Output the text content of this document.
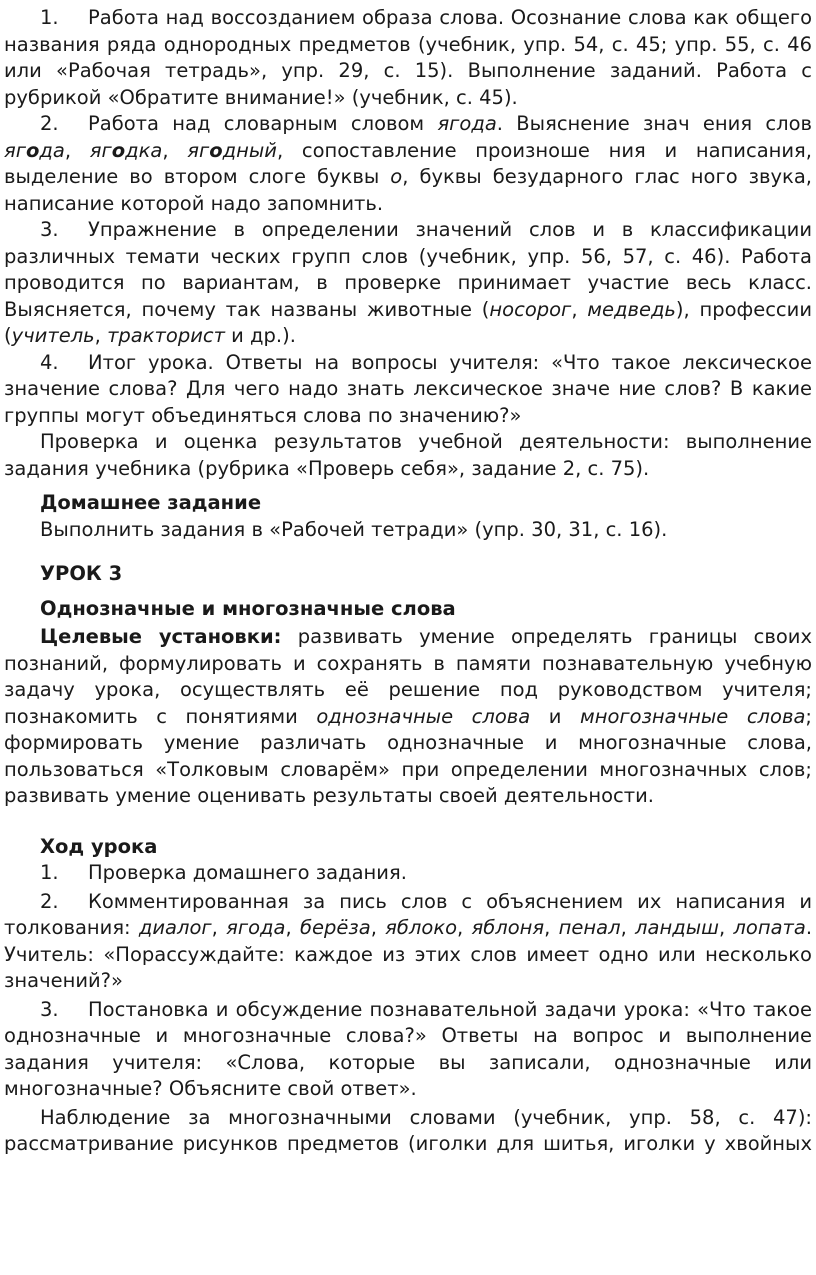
1. Работа над воссозданием образа слова. Осознание слова как общего названия ряда однородных предметов (учебник, упр. 54, с. 45; упр. 55, с. 46 или «Рабочая тетрадь», упр. 29, с. 15). Выполнение заданий. Работа с рубрикой «Обратите внимание!» (учебник, с. 45).

2. Работа над словарным словом ягода. Выяснение знач ения слов ягода, ягодка, ягодный, сопоставление произноше ния и написания, выделение во втором слоге буквы о, буквы безударного глас ного звука, написание которой надо запомнить.

3. Упражнение в определении значений слов и в классификации различных темати ческих групп слов (учебник, упр. 56, 57, с. 46). Работа проводится по вариантам, в проверке принимает участие весь класс. Выясняется, почему так названы животные (носорог, медведь), профессии (учитель, тракторист и др.).

4. Итог урока. Ответы на вопросы учителя: «Что такое лексическое значение слова? Для чего надо знать лексическое значе ние слов? В какие группы могут объединяться слова по значению?»

Проверка и оценка результатов учебной деятельности: выполнение задания учебника (рубрика «Проверь себя», задание 2, с. 75).

Домашнее задание

Выполнить задания в «Рабочей тетради» (упр. 30, 31, с. 16).

УРОК 3

Однозначные и многозначные слова

Целевые установки: развивать умение определять границы своих познаний, формулировать и сохранять в памяти познавательную учебную задачу урока, осуществлять её решение под руководством учителя; познакомить с понятиями однозначные слова и многозначные слова; формировать умение различать однозначные и многозначные слова, пользоваться «Толковым словарём» при определении многозначных слов; развивать умение оценивать результаты своей деятельности.

Ход урока

1. Проверка домашнего задания.

2. Комментированная за пись слов с объяснением их написания и толкования: диалог, ягода, берёза, яблоко, яблоня, пенал, ландыш, лопата. Учитель: «Порассуждайте: каждое из этих слов имеет одно или несколько значений?»

3. Постановка и обсуждение познавательной задачи урока: «Что такое однозначные и многозначные слова?» Ответы на вопрос и выполнение задания учителя: «Слова, которые вы записали, однозначные или многозначные? Объясните свой ответ».

Наблюдение за многозначными словами (учебник, упр. 58, с. 47): рассматривание рисунков предметов (иголки для шитья, иголки у хвойных
